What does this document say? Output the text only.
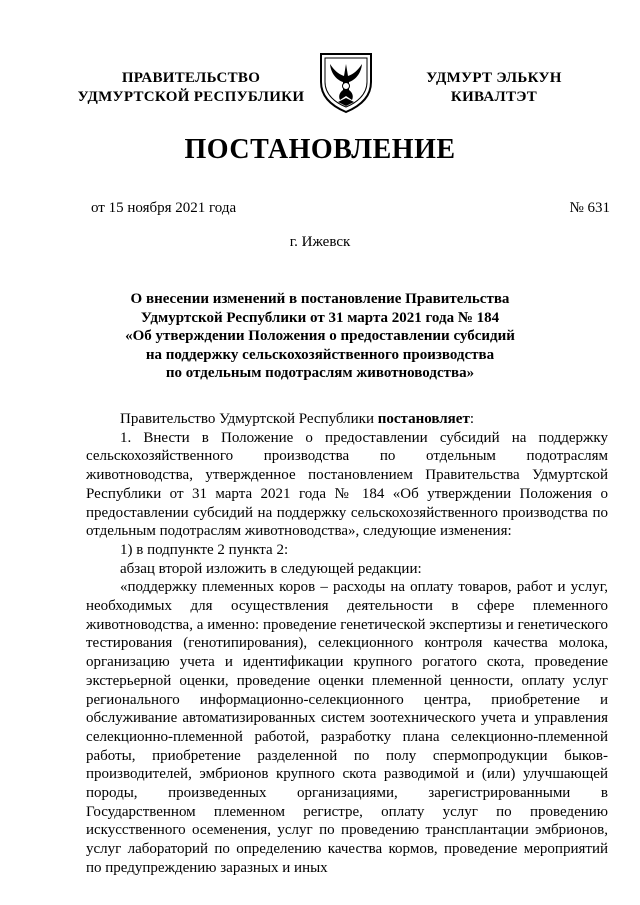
ПРАВИТЕЛЬСТВО
УДМУРТСКОЙ РЕСПУБЛИКИ
УДМУРТ ЭЛЬКУН
КИВАЛТЭТ
ПОСТАНОВЛЕНИЕ
от 15 ноября 2021 года	№ 631
г. Ижевск
О внесении изменений в постановление Правительства
Удмуртской Республики от 31 марта 2021 года № 184
«Об утверждении Положения о предоставлении субсидий
на поддержку сельскохозяйственного производства
по отдельным подотраслям животноводства»

Правительство Удмуртской Республики постановляет:

1. Внести в Положение о предоставлении субсидий на поддержку сельскохозяйственного производства по отдельным подотраслям животноводства, утвержденное постановлением Правительства Удмуртской Республики от 31 марта 2021 года № 184 «Об утверждении Положения о предоставлении субсидий на поддержку сельскохозяйственного производства по отдельным подотраслям животноводства», следующие изменения:

1) в подпункте 2 пункта 2:

абзац второй изложить в следующей редакции:

«поддержку племенных коров – расходы на оплату товаров, работ и услуг, необходимых для осуществления деятельности в сфере племенного животноводства, а именно: проведение генетической экспертизы и генетического тестирования (генотипирования), селекционного контроля качества молока, организацию учета и идентификации крупного рогатого скота, проведение экстерьерной оценки, проведение оценки племенной ценности, оплату услуг регионального информационно-селекционного центра, приобретение и обслуживание автоматизированных систем зоотехнического учета и управления селекционно-племенной работой, разработку плана селекционно-племенной работы, приобретение разделенной по полу спермопродукции быков-производителей, эмбрионов крупного скота разводимой и (или) улучшающей породы, произведенных организациями, зарегистрированными в Государственном племенном регистре, оплату услуг по проведению искусственного осеменения, услуг по проведению трансплантации эмбрионов, услуг лабораторий по определению качества кормов, проведение мероприятий по предупреждению заразных и иных
